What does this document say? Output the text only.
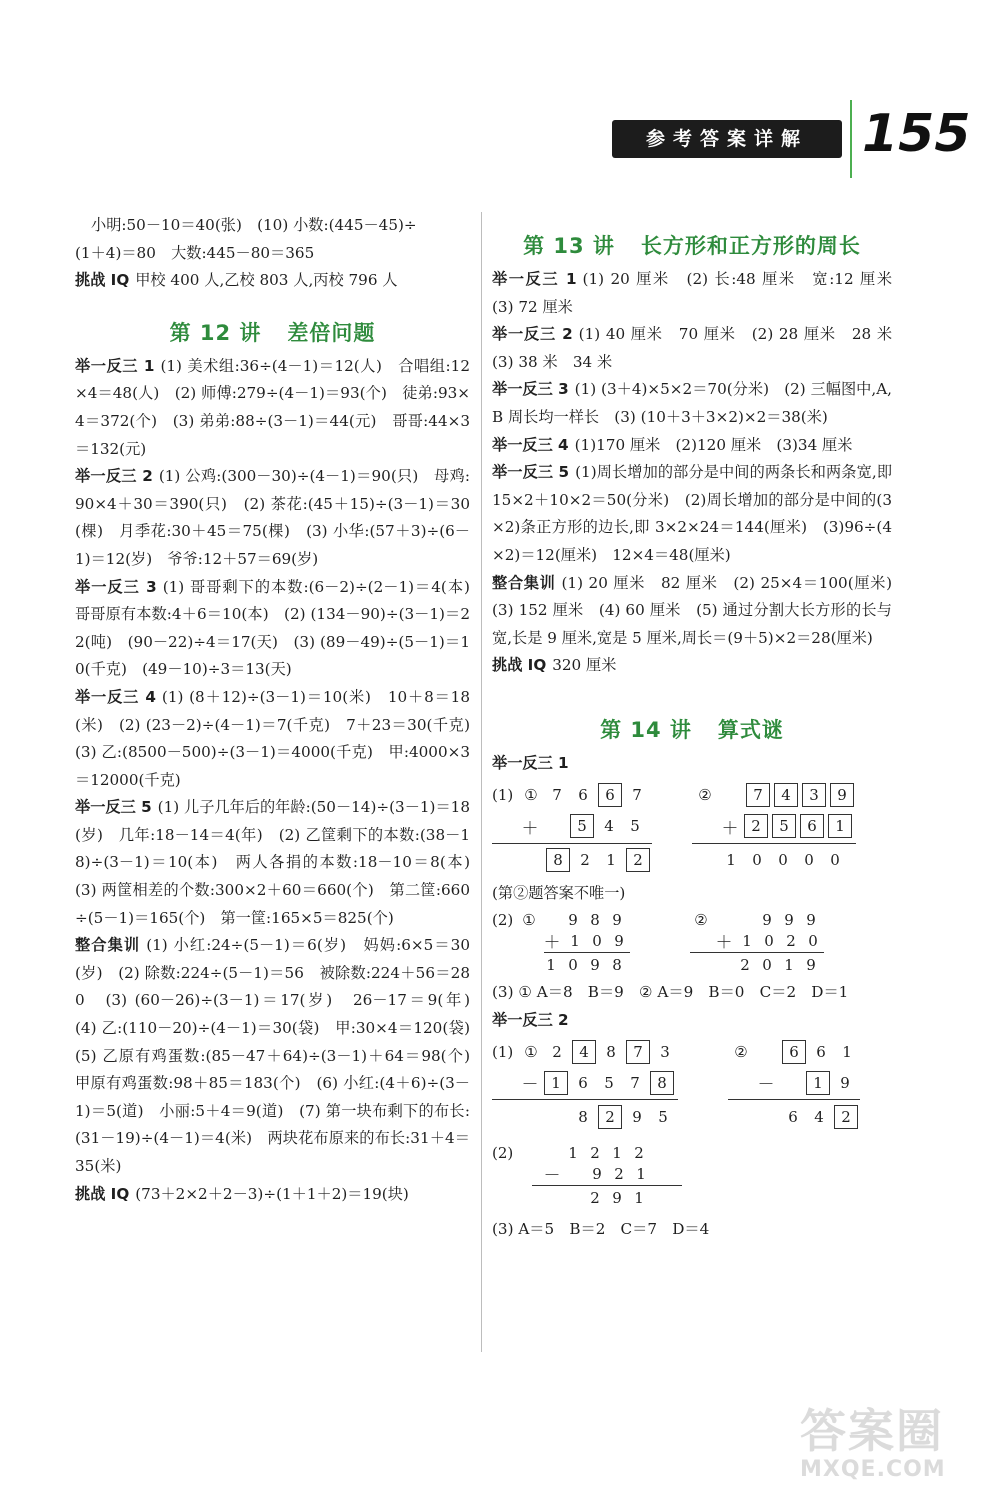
参考答案详解	155

小明:50－10＝40(张)　(10) 小数:(445－45)÷

(1＋4)＝80　大数:445－80＝365

挑战 IQ 甲校 400 人,乙校 803 人,丙校 796 人

第 12 讲 差倍问题

举一反三 1 (1) 美术组:36÷(4－1)＝12(人)　合唱组:12×4＝48(人)　(2) 师傅:279÷(4－1)＝93(个)　徒弟:93×4＝372(个)　(3) 弟弟:88÷(3－1)＝44(元)　哥哥:44×3＝132(元)

举一反三 2 (1) 公鸡:(300－30)÷(4－1)＝90(只)　母鸡:90×4＋30＝390(只)　(2) 茶花:(45＋15)÷(3－1)＝30(棵)　月季花:30＋45＝75(棵)　(3) 小华:(57＋3)÷(6－1)＝12(岁)　爷爷:12＋57＝69(岁)

举一反三 3 (1) 哥哥剩下的本数:(6－2)÷(2－1)＝4(本)　哥哥原有本数:4＋6＝10(本)　(2) (134－90)÷(3－1)＝22(吨)　(90－22)÷4＝17(天)　(3) (89－49)÷(5－1)＝10(千克)　(49－10)÷3＝13(天)

举一反三 4 (1) (8＋12)÷(3－1)＝10(米)　10＋8＝18(米)　(2) (23－2)÷(4－1)＝7(千克)　7＋23＝30(千克)　(3) 乙:(8500－500)÷(3－1)＝4000(千克)　甲:4000×3＝12000(千克)

举一反三 5 (1) 儿子几年后的年龄:(50－14)÷(3－1)＝18(岁)　几年:18－14＝4(年)　(2) 乙筐剩下的本数:(38－18)÷(3－1)＝10(本)　两人各捐的本数:18－10＝8(本)　(3) 两筐相差的个数:300×2＋60＝660(个)　第二筐:660÷(5－1)＝165(个)　第一筐:165×5＝825(个)

整合集训 (1) 小红:24÷(5－1)＝6(岁)　妈妈:6×5＝30(岁)　(2) 除数:224÷(5－1)＝56　被除数:224＋56＝280　(3) (60－26)÷(3－1)＝17(岁)　26－17＝9(年)　(4) 乙:(110－20)÷(4－1)＝30(袋)　甲:30×4＝120(袋)　(5) 乙原有鸡蛋数:(85－47＋64)÷(3－1)＋64＝98(个)　甲原有鸡蛋数:98＋85＝183(个)　(6) 小红:(4＋6)÷(3－1)＝5(道)　小丽:5＋4＝9(道)　(7) 第一块布剩下的布长:(31－19)÷(4－1)＝4(米)　两块花布原来的布长:31＋4＝35(米)

挑战 IQ (73＋2×2＋2－3)÷(1＋1＋2)＝19(块)

第 13 讲 长方形和正方形的周长

举一反三 1 (1) 20 厘米　(2) 长:48 厘米　宽:12 厘米　(3) 72 厘米

举一反三 2 (1) 40 厘米　70 厘米　(2) 28 厘米　28 米　(3) 38 米　34 米

举一反三 3 (1) (3＋4)×5×2＝70(分米)　(2) 三幅图中,A,B 周长均一样长　(3) (10＋3＋3×2)×2＝38(米)

举一反三 4 (1)170 厘米　(2)120 厘米　(3)34 厘米

举一反三 5 (1)周长增加的部分是中间的两条长和两条宽,即 15×2＋10×2＝50(分米)　(2)周长增加的部分是中间的(3×2)条正方形的边长,即 3×2×24＝144(厘米)　(3)96÷(4×2)＝12(厘米)　12×4＝48(厘米)

整合集训 (1) 20 厘米　82 厘米　(2) 25×4＝100(厘米)　(3) 152 厘米　(4) 60 厘米　(5) 通过分割大长方形的长与宽,长是 9 厘米,宽是 5 厘米,周长＝(9＋5)×2＝28(厘米)

挑战 IQ 320 厘米

第 14 讲 算式谜

举一反三 1

(1) ① 7	6	6	7
＋	5	4	5
8	2	1	2
②	7	4	3	9
＋ 2	5	6	1
1	0	0	0	0

(第②题答案不唯一)

(2) ①	9 8 9
＋ 1 0 9
1 0 9 8
②	9 9 9
＋ 1 0 2 0
2 0 1 9

(3) ① A＝8　B＝9　② A＝9　B＝0　C＝2　D＝1

举一反三 2

(1) ① 2	4	8	7	3
－ 1	6	5	7	8
8	2	9	5
②	6	6	1
－	1	9
6	4	2
(2)	1 2 1 2
－	9 2 1
2 9 1

(3) A＝5　B＝2　C＝7　D＝4

答案圈
MXQE.COM
